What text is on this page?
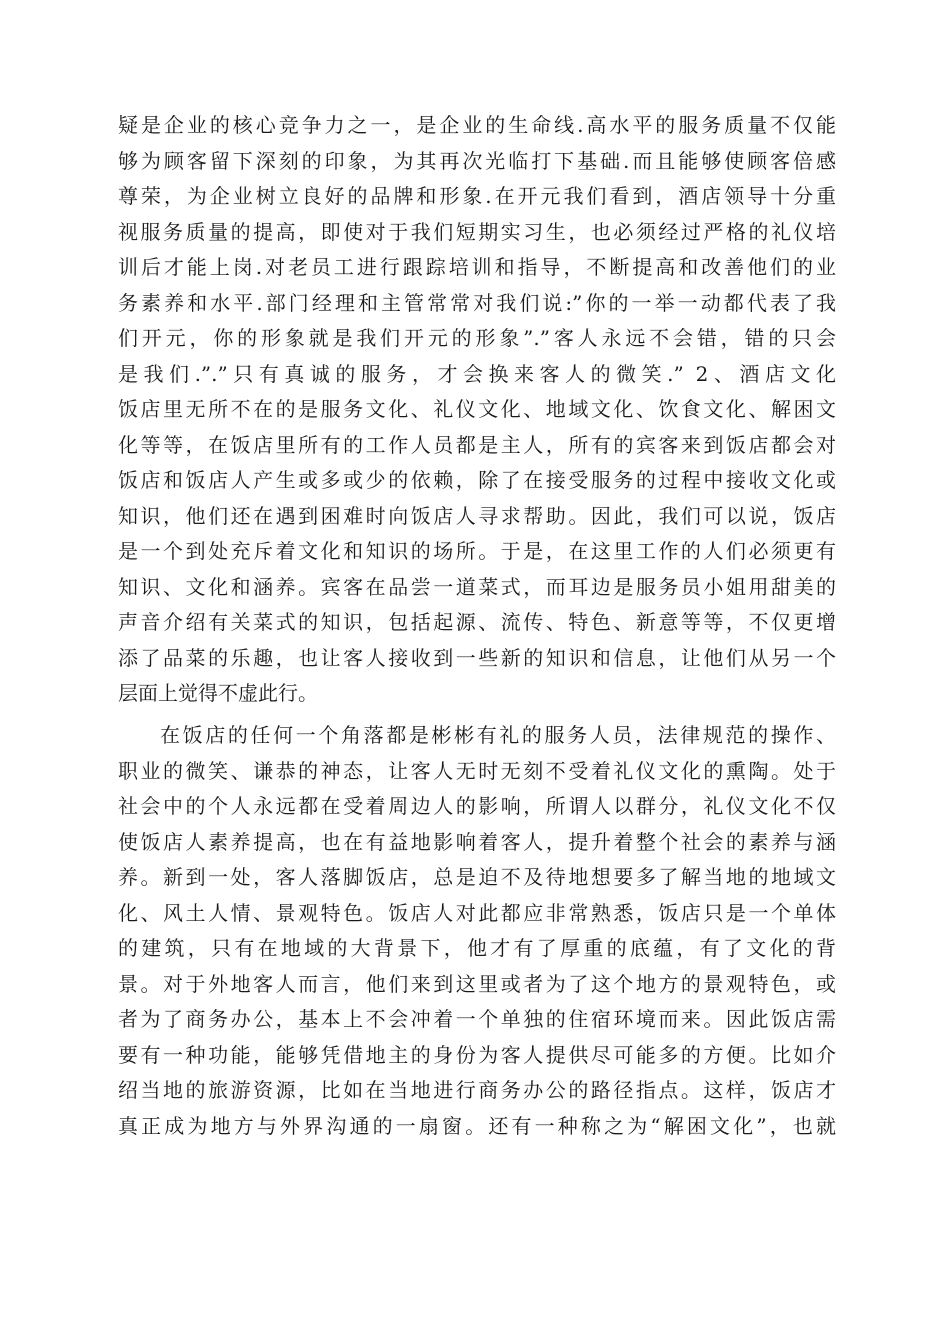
疑是企业的核心竞争力之一，是企业的生命线.高水平的服务质量不仅能
够为顾客留下深刻的印象，为其再次光临打下基础.而且能够使顾客倍感
尊荣，为企业树立良好的品牌和形象.在开元我们看到，酒店领导十分重
视服务质量的提高，即使对于我们短期实习生，也必须经过严格的礼仪培
训后才能上岗.对老员工进行跟踪培训和指导，不断提高和改善他们的业
务素养和水平.部门经理和主管常常对我们说:”你的一举一动都代表了我
们开元，你的形象就是我们开元的形象”.”客人永远不会错，错的只会
是我们.”.”只有真诚的服务，才会换来客人的微笑.” 2、酒店文化
饭店里无所不在的是服务文化、礼仪文化、地域文化、饮食文化、解困文
化等等，在饭店里所有的工作人员都是主人，所有的宾客来到饭店都会对
饭店和饭店人产生或多或少的依赖，除了在接受服务的过程中接收文化或
知识，他们还在遇到困难时向饭店人寻求帮助。因此，我们可以说，饭店
是一个到处充斥着文化和知识的场所。于是，在这里工作的人们必须更有
知识、文化和涵养。宾客在品尝一道菜式，而耳边是服务员小姐用甜美的
声音介绍有关菜式的知识，包括起源、流传、特色、新意等等，不仅更增
添了品菜的乐趣，也让客人接收到一些新的知识和信息，让他们从另一个
层面上觉得不虚此行。
在饭店的任何一个角落都是彬彬有礼的服务人员，法律规范的操作、
职业的微笑、谦恭的神态，让客人无时无刻不受着礼仪文化的熏陶。处于
社会中的个人永远都在受着周边人的影响，所谓人以群分，礼仪文化不仅
使饭店人素养提高，也在有益地影响着客人，提升着整个社会的素养与涵
养。新到一处，客人落脚饭店，总是迫不及待地想要多了解当地的地域文
化、风土人情、景观特色。饭店人对此都应非常熟悉，饭店只是一个单体
的建筑，只有在地域的大背景下，他才有了厚重的底蕴，有了文化的背
景。对于外地客人而言，他们来到这里或者为了这个地方的景观特色，或
者为了商务办公，基本上不会冲着一个单独的住宿环境而来。因此饭店需
要有一种功能，能够凭借地主的身份为客人提供尽可能多的方便。比如介
绍当地的旅游资源，比如在当地进行商务办公的路径指点。这样，饭店才
真正成为地方与外界沟通的一扇窗。还有一种称之为“解困文化”，也就
